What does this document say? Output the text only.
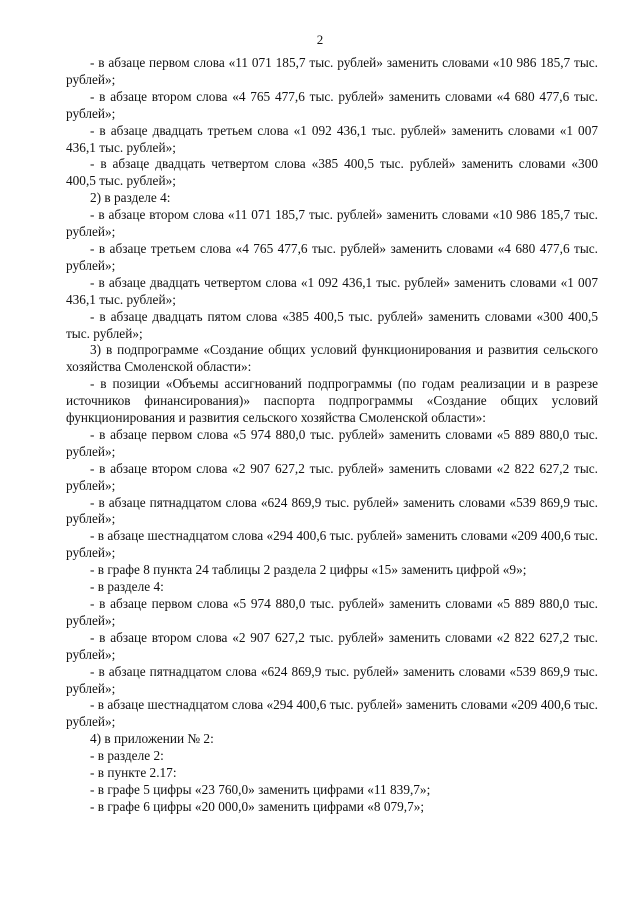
2

- в абзаце первом слова «11 071 185,7 тыс. рублей» заменить словами «10 986 185,7 тыс. рублей»;

- в абзаце втором слова «4 765 477,6 тыс. рублей» заменить словами «4 680 477,6 тыс. рублей»;

- в абзаце двадцать третьем слова «1 092 436,1 тыс. рублей» заменить словами «1 007 436,1 тыс. рублей»;

- в абзаце двадцать четвертом слова «385 400,5 тыс. рублей» заменить словами «300 400,5 тыс. рублей»;

2) в разделе 4:

- в абзаце втором слова «11 071 185,7 тыс. рублей» заменить словами «10 986 185,7 тыс. рублей»;

- в абзаце третьем слова «4 765 477,6 тыс. рублей» заменить словами «4 680 477,6 тыс. рублей»;

- в абзаце двадцать четвертом слова «1 092 436,1 тыс. рублей» заменить словами «1 007 436,1 тыс. рублей»;

- в абзаце двадцать пятом слова «385 400,5 тыс. рублей» заменить словами «300 400,5 тыс. рублей»;

3) в подпрограмме «Создание общих условий функционирования и развития сельского хозяйства Смоленской области»:

- в позиции «Объемы ассигнований подпрограммы (по годам реализации и в разрезе источников финансирования)» паспорта подпрограммы «Создание общих условий функционирования и развития сельского хозяйства Смоленской области»:

- в абзаце первом слова «5 974 880,0 тыс. рублей» заменить словами «5 889 880,0 тыс. рублей»;

- в абзаце втором слова «2 907 627,2 тыс. рублей» заменить словами «2 822 627,2 тыс. рублей»;

- в абзаце пятнадцатом слова «624 869,9 тыс. рублей» заменить словами «539 869,9 тыс. рублей»;

- в абзаце шестнадцатом слова «294 400,6 тыс. рублей» заменить словами «209 400,6 тыс. рублей»;

- в графе 8 пункта 24 таблицы 2 раздела 2 цифры «15» заменить цифрой «9»;

- в разделе 4:

- в абзаце первом слова «5 974 880,0 тыс. рублей» заменить словами «5 889 880,0 тыс. рублей»;

- в абзаце втором слова «2 907 627,2 тыс. рублей» заменить словами «2 822 627,2 тыс. рублей»;

- в абзаце пятнадцатом слова «624 869,9 тыс. рублей» заменить словами «539 869,9 тыс. рублей»;

- в абзаце шестнадцатом слова «294 400,6 тыс. рублей» заменить словами «209 400,6 тыс. рублей»;

4) в приложении № 2:

- в разделе 2:

- в пункте 2.17:

- в графе 5 цифры «23 760,0» заменить цифрами «11 839,7»;

- в графе 6 цифры «20 000,0» заменить цифрами «8 079,7»;
